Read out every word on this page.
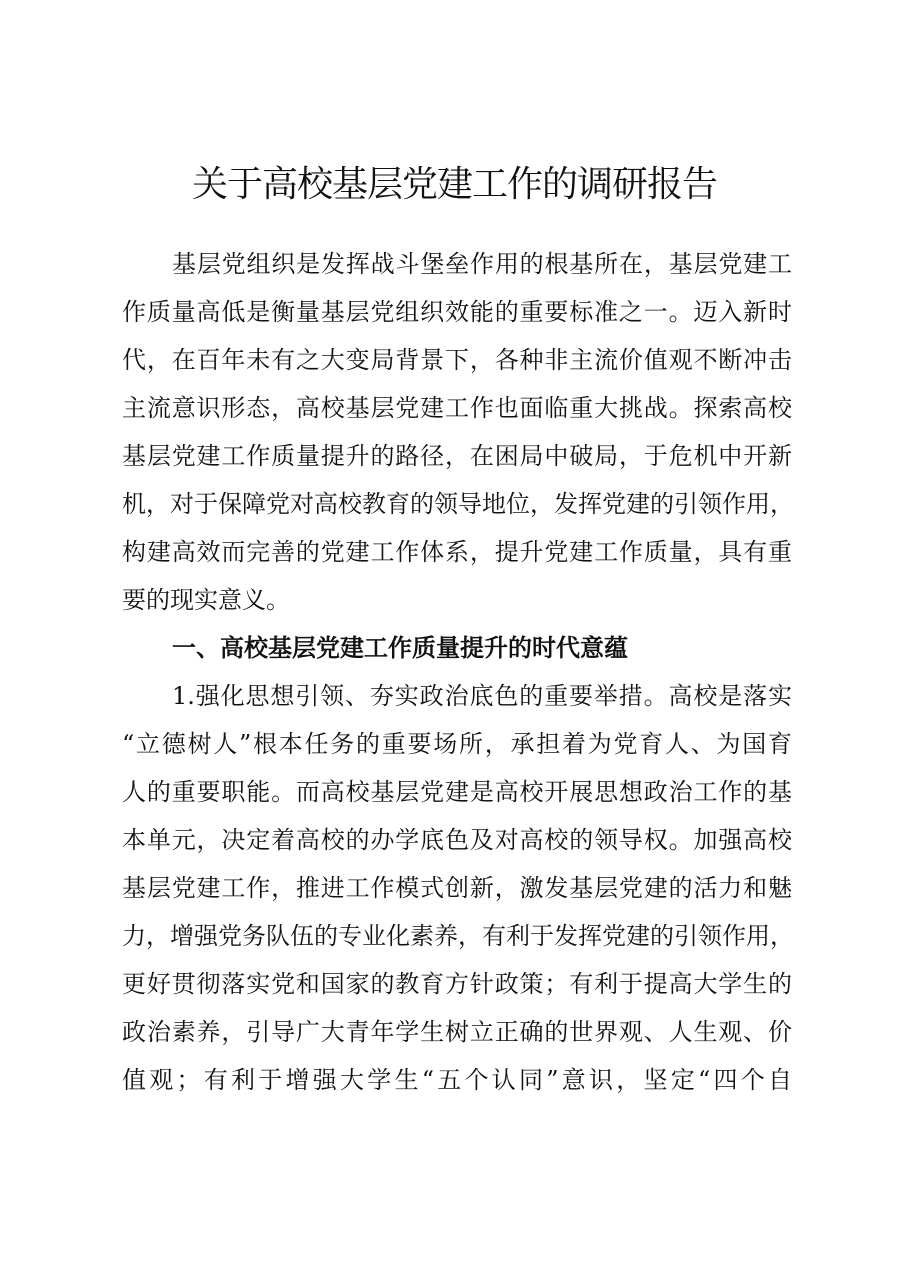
关于高校基层党建工作的调研报告

基层党组织是发挥战斗堡垒作用的根基所在，基层党建工

作质量高低是衡量基层党组织效能的重要标准之一。迈入新时

代，在百年未有之大变局背景下，各种非主流价值观不断冲击

主流意识形态，高校基层党建工作也面临重大挑战。探索高校

基层党建工作质量提升的路径，在困局中破局，于危机中开新

机，对于保障党对高校教育的领导地位，发挥党建的引领作用，

构建高效而完善的党建工作体系，提升党建工作质量，具有重

要的现实意义。

一、高校基层党建工作质量提升的时代意蕴

1.强化思想引领、夯实政治底色的重要举措。高校是落实

“立德树人”根本任务的重要场所，承担着为党育人、为国育

人的重要职能。而高校基层党建是高校开展思想政治工作的基

本单元，决定着高校的办学底色及对高校的领导权。加强高校

基层党建工作，推进工作模式创新，激发基层党建的活力和魅

力，增强党务队伍的专业化素养，有利于发挥党建的引领作用，

更好贯彻落实党和国家的教育方针政策；有利于提高大学生的

政治素养，引导广大青年学生树立正确的世界观、人生观、价

值观；有利于增强大学生“五个认同”意识，坚定“四个自
